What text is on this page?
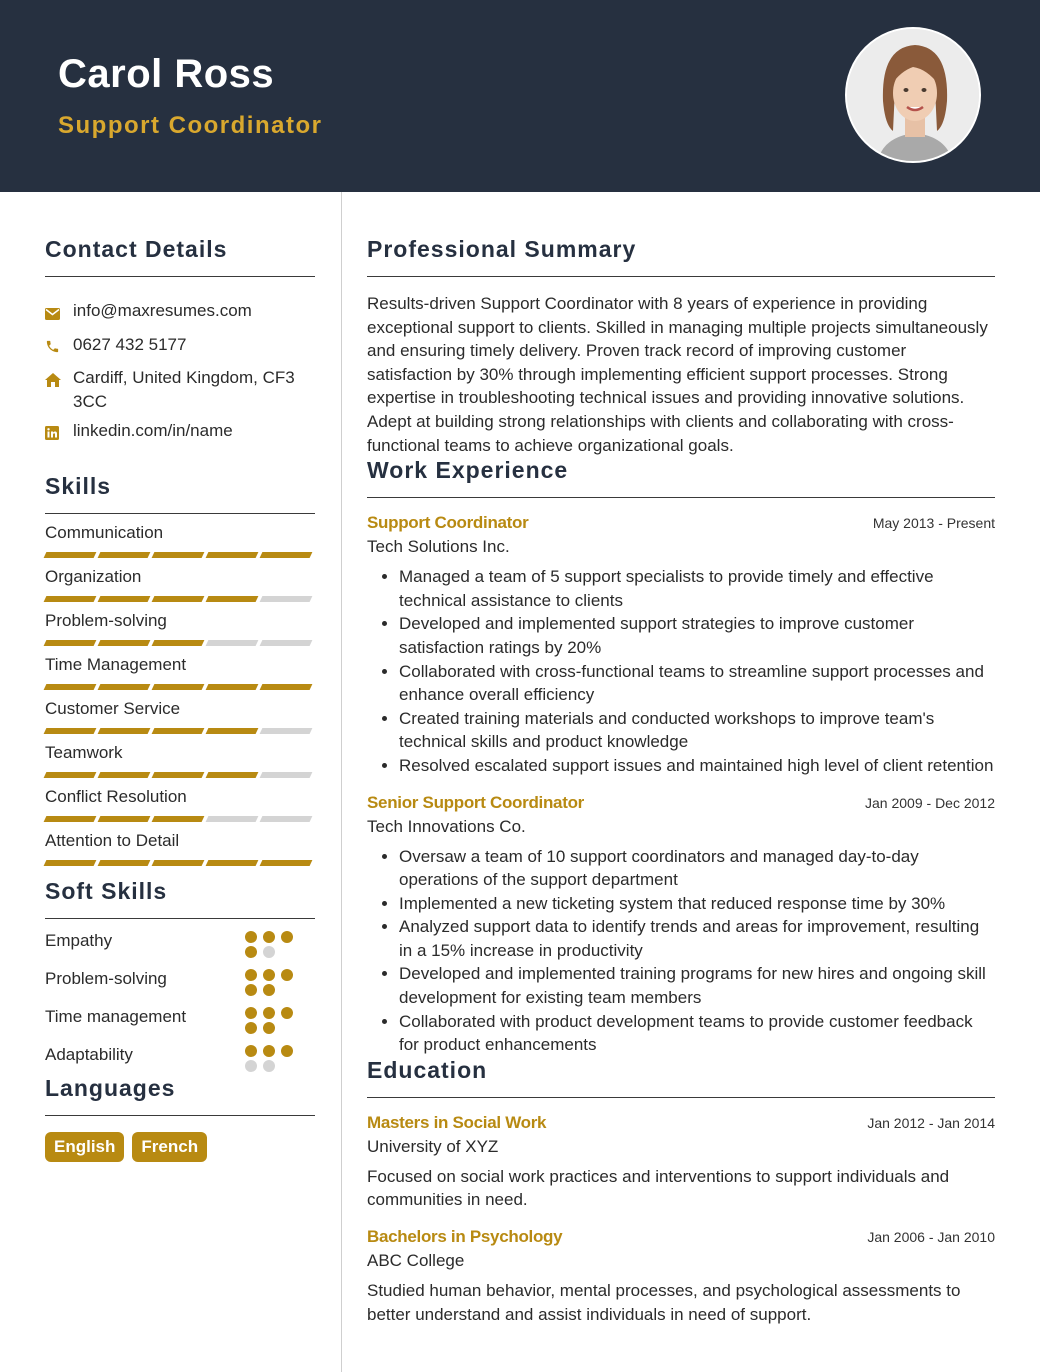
Carol Ross
Support Coordinator
Contact Details
info@maxresumes.com
0627 432 5177
Cardiff, United Kingdom, CF3 3CC
linkedin.com/in/name
Skills
Communication
Organization
Problem-solving
Time Management
Customer Service
Teamwork
Conflict Resolution
Attention to Detail
Soft Skills
Empathy
Problem-solving
Time management
Adaptability
Languages
English	French
Professional Summary
Results-driven Support Coordinator with 8 years of experience in providing exceptional support to clients. Skilled in managing multiple projects simultaneously and ensuring timely delivery. Proven track record of improving customer satisfaction by 30% through implementing efficient support processes. Strong expertise in troubleshooting technical issues and providing innovative solutions. Adept at building strong relationships with clients and collaborating with cross-functional teams to achieve organizational goals.
Work Experience
Support Coordinator	May 2013 - Present
Tech Solutions Inc.
• Managed a team of 5 support specialists to provide timely and effective technical assistance to clients
• Developed and implemented support strategies to improve customer satisfaction ratings by 20%
• Collaborated with cross-functional teams to streamline support processes and enhance overall efficiency
• Created training materials and conducted workshops to improve team's technical skills and product knowledge
• Resolved escalated support issues and maintained high level of client retention
Senior Support Coordinator	Jan 2009 - Dec 2012
Tech Innovations Co.
• Oversaw a team of 10 support coordinators and managed day-to-day operations of the support department
• Implemented a new ticketing system that reduced response time by 30%
• Analyzed support data to identify trends and areas for improvement, resulting in a 15% increase in productivity
• Developed and implemented training programs for new hires and ongoing skill development for existing team members
• Collaborated with product development teams to provide customer feedback for product enhancements
Education
Masters in Social Work	Jan 2012 - Jan 2014
University of XYZ
Focused on social work practices and interventions to support individuals and communities in need.
Bachelors in Psychology	Jan 2006 - Jan 2010
ABC College
Studied human behavior, mental processes, and psychological assessments to better understand and assist individuals in need of support.
